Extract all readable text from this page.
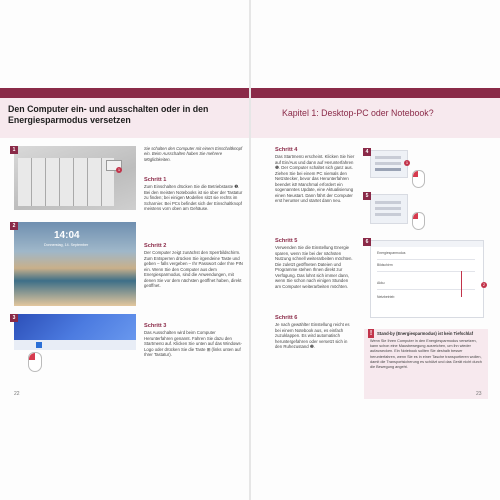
Den Computer ein- und ausschalten oder in den Energiesparmodus versetzen
Kapitel 1: Desktop-PC oder Notebook?
Sie schalten den Computer mit einem Einschaltknopf ein. Beim Ausschalten haben Sie mehrere Möglichkeiten.
1
1
Schritt 1
Zum Einschalten drücken Sie die Betriebstaste ❶. Bei den meisten Notebooks ist sie über der Tastatur zu finden; bei einigen Modellen sitzt sie rechts im Scharnier. Bei PCs befindet sich der Einschaltknopf meistens vorn oben am Gehäuse.
14:04
Donnerstag, 14. September
2
Schritt 2
Der Computer zeigt zunächst den Sperrbildschirm. Zum Entsperren drücken Sie irgendeine Taste und geben – falls vergeben – Ihr Passwort oder Ihre PIN ein. Wenn Sie den Computer aus dem Energiesparmodus, sind die Anwendungen, mit denen Sie vor dem nächsten geöffnet haben, direkt geöffnet.
3
Schritt 3
Das Ausschalten wird beim Computer Herunterfahren genannt. Fahren Sie dazu den Startmenü auf. Klicken Sie unten auf das Windows-Logo oder drücken Sie die Taste ⊞ (links unten auf Ihrer Tastatur).
22
Schritt 4
Das Startmenü erscheint. Klicken Sie hier auf Ein/Aus und dann auf Herunterfahren ❶. Der Computer schaltet sich ganz aus. Ziehen Sie bei einem PC niemals den Netzstecker, bevor das Herunterfahren beendet ist! Manchmal erfordert ein sogenanntes Update, eine Aktualisierung einen Neustart. Dann fährt der Computer erst herunter und startet dann neu.
Schritt 5
Verwenden Sie die Einstellung Energie sparen, wenn Sie bei der nächsten Nutzung schnell weiterarbeiten möchten. Die zuletzt geöffneten Dateien und Programme stehen Ihnen direkt zur Verfügung. Das lohnt sich immer dann, wenn Sie schon nach einigen Stunden am Computer weiterarbeiten möchten.
Schritt 6
Je nach gewählter Einstellung reicht es bei einem Notebook aus, es einfach zuzuklappen. Es wird automatisch heruntergefahren oder versetzt sich in den Ruhezustand ❷.
4
1
5
Energiesparmodus
Bildschirm
Akku
Netzbetrieb
6
2
!	Stand-by (Energiesparmodus) ist kein Tiefschlaf
Wenn Sie Ihren Computer in den Energiesparmodus versetzen, kann schon eine Mausbewegung ausreichen, um ihn wieder aufzuwecken. Ein Notebook sollten Sie deshalb besser herunterfahren, wenn Sie es in einer Tasche transportieren wollen, damit die Transportsicherung es schützt und das Gerät nicht durch die Bewegung angeht.
23
